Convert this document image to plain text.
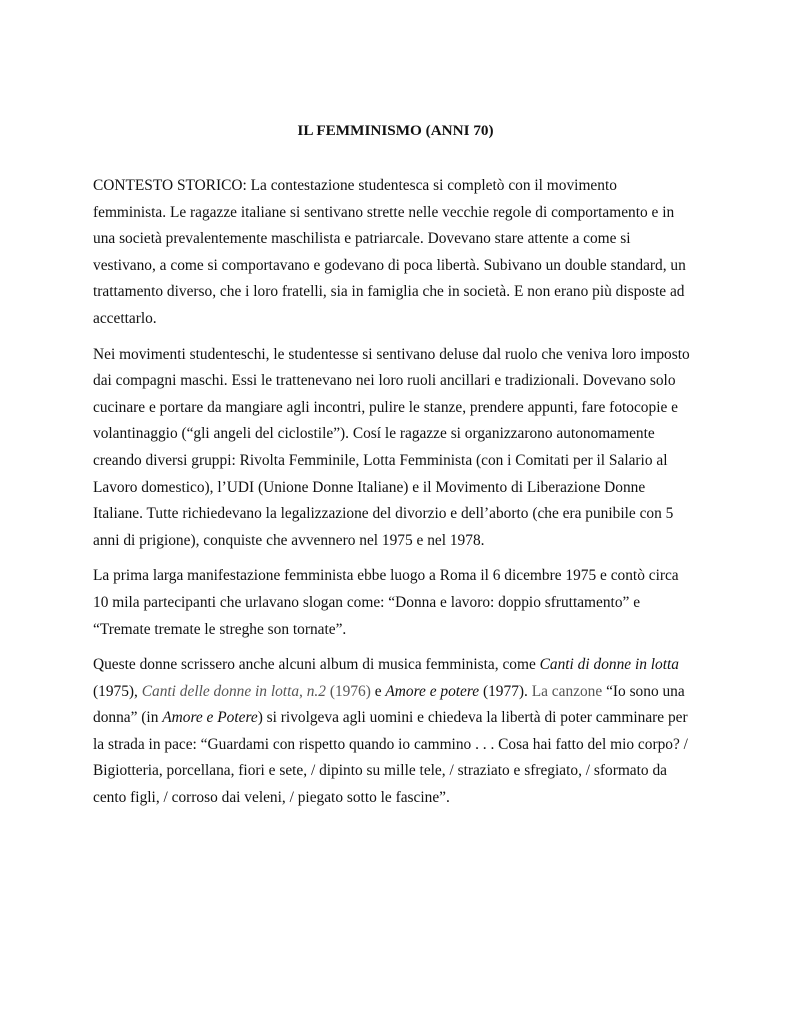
IL FEMMINISMO (ANNI 70)

CONTESTO STORICO: La contestazione studentesca si completò con il movimento
femminista. Le ragazze italiane si sentivano strette nelle vecchie regole di comportamento e in
una società prevalentemente maschilista e patriarcale. Dovevano stare attente a come si
vestivano, a come si comportavano e godevano di poca libertà. Subivano un double standard, un
trattamento diverso, che i loro fratelli, sia in famiglia che in società. E non erano più disposte ad
accettarlo.

Nei movimenti studenteschi, le studentesse si sentivano deluse dal ruolo che veniva loro imposto
dai compagni maschi. Essi le trattenevano nei loro ruoli ancillari e tradizionali. Dovevano solo
cucinare e portare da mangiare agli incontri, pulire le stanze, prendere appunti, fare fotocopie e
volantinaggio (“gli angeli del ciclostile”). Cosí le ragazze si organizzarono autonomamente
creando diversi gruppi: Rivolta Femminile, Lotta Femminista (con i Comitati per il Salario al
Lavoro domestico), l’UDI (Unione Donne Italiane) e il Movimento di Liberazione Donne
Italiane. Tutte richiedevano la legalizzazione del divorzio e dell’aborto (che era punibile con 5
anni di prigione), conquiste che avvennero nel 1975 e nel 1978.

La prima larga manifestazione femminista ebbe luogo a Roma il 6 dicembre 1975 e contò circa
10 mila partecipanti che urlavano slogan come: “Donna e lavoro: doppio sfruttamento” e
“Tremate tremate le streghe son tornate”.

Queste donne scrissero anche alcuni album di musica femminista, come Canti di donne in lotta
(1975), Canti delle donne in lotta, n.2 (1976) e Amore e potere (1977). La canzone “Io sono una
donna” (in Amore e Potere) si rivolgeva agli uomini e chiedeva la libertà di poter camminare per
la strada in pace: “Guardami con rispetto quando io cammino . . . Cosa hai fatto del mio corpo? /
Bigiotteria, porcellana, fiori e sete, / dipinto su mille tele, / straziato e sfregiato, / sformato da
cento figli, / corroso dai veleni, / piegato sotto le fascine”.
